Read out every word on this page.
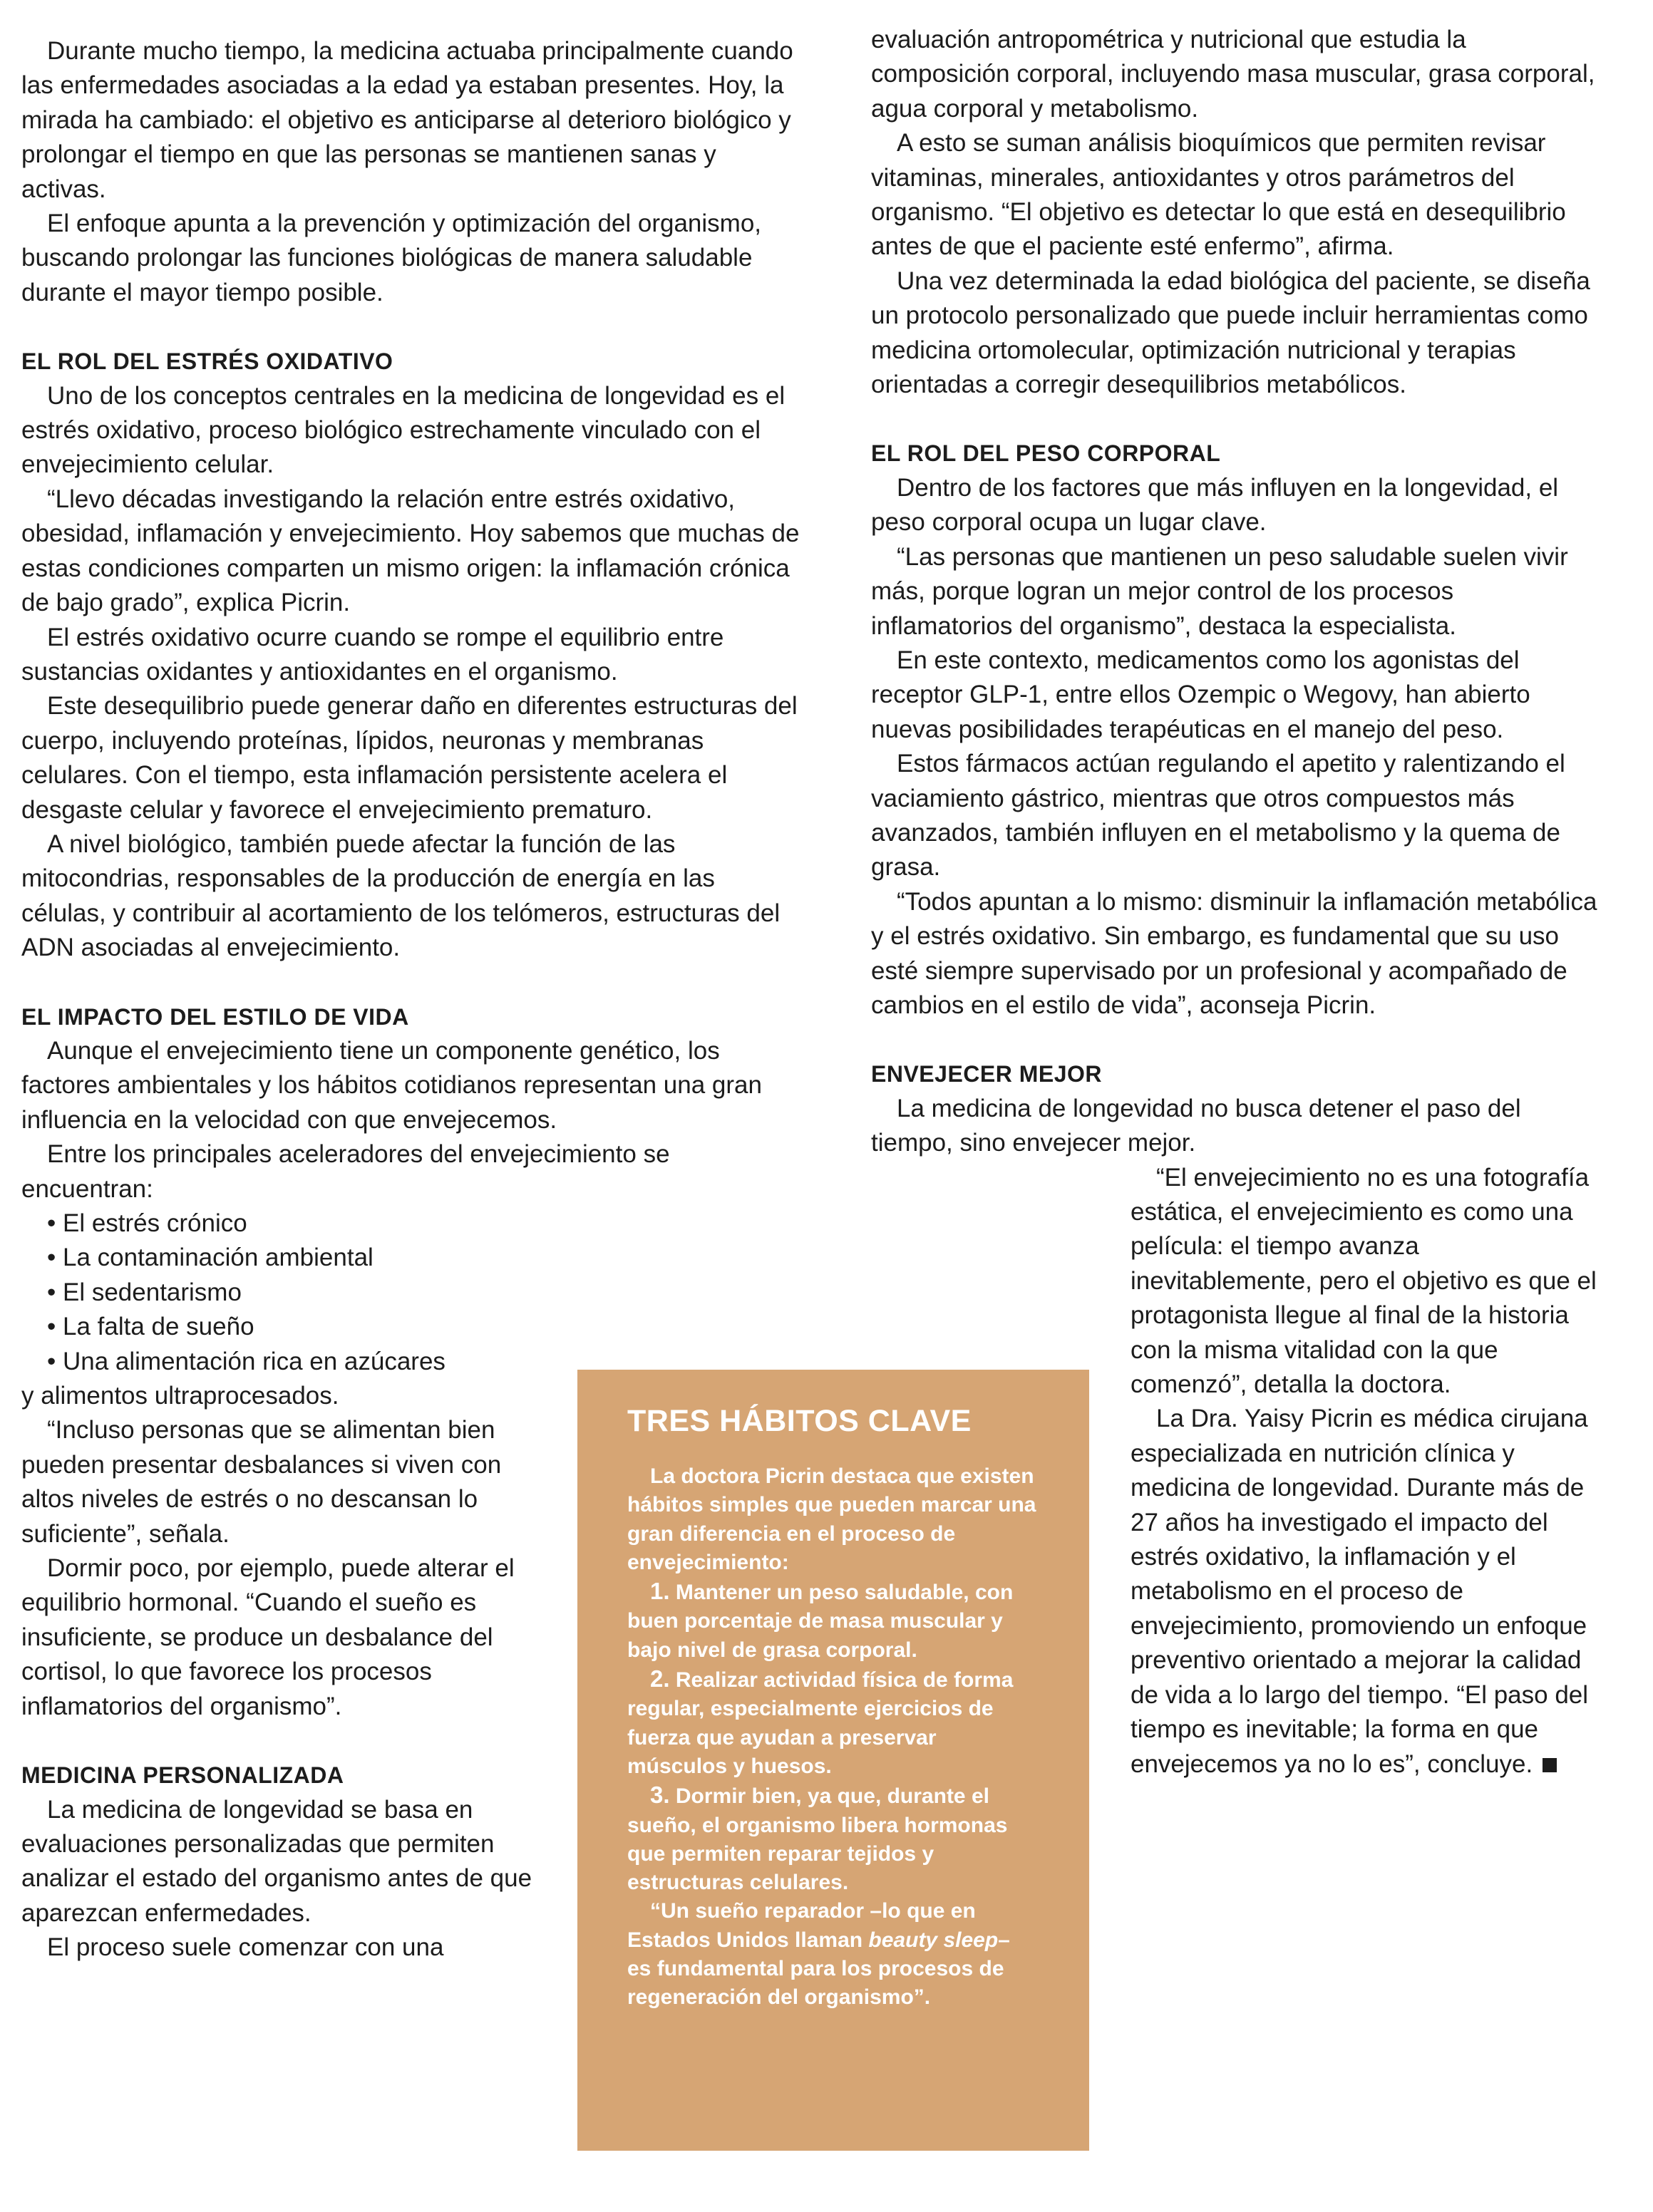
Durante mucho tiempo, la medicina actuaba principalmente cuando las enfermedades asociadas a la edad ya estaban presentes. Hoy, la mirada ha cambiado: el objetivo es anticiparse al deterioro biológico y prolongar el tiempo en que las personas se mantienen sanas y activas.

El enfoque apunta a la prevención y optimización del organismo, buscando prolongar las funciones biológicas de manera saludable durante el mayor tiempo posible.

EL ROL DEL ESTRÉS OXIDATIVO

Uno de los conceptos centrales en la medicina de longevidad es el estrés oxidativo, proceso biológico estrechamente vinculado con el envejecimiento celular.

“Llevo décadas investigando la relación entre estrés oxidativo, obesidad, inflamación y envejecimiento. Hoy sabemos que muchas de estas condiciones comparten un mismo origen: la inflamación crónica de bajo grado”, explica Picrin.

El estrés oxidativo ocurre cuando se rompe el equilibrio entre sustancias oxidantes y antioxidantes en el organismo.

Este desequilibrio puede generar daño en diferentes estructuras del cuerpo, incluyendo proteínas, lípidos, neuronas y membranas celulares. Con el tiempo, esta inflamación persistente acelera el desgaste celular y favorece el envejecimiento prematuro.

A nivel biológico, también puede afectar la función de las mitocondrias, responsables de la producción de energía en las células, y contribuir al acortamiento de los telómeros, estructuras del ADN asociadas al envejecimiento.

EL IMPACTO DEL ESTILO DE VIDA

Aunque el envejecimiento tiene un componente genético, los factores ambientales y los hábitos cotidianos representan una gran influencia en la velocidad con que envejecemos.

Entre los principales aceleradores del envejecimiento se encuentran:

• El estrés crónico
• La contaminación ambiental
• El sedentarismo
• La falta de sueño
• Una alimentación rica en azúcares
y alimentos ultraprocesados.

“Incluso personas que se alimentan bien pueden presentar desbalances si viven con altos niveles de estrés o no descansan lo suficiente”, señala.

Dormir poco, por ejemplo, puede alterar el equilibrio hormonal. “Cuando el sueño es insuficiente, se produce un desbalance del cortisol, lo que favorece los procesos inflamatorios del organismo”.

MEDICINA PERSONALIZADA

La medicina de longevidad se basa en evaluaciones personalizadas que permiten analizar el estado del organismo antes de que aparezcan enfermedades.

El proceso suele comenzar con una

evaluación antropométrica y nutricional que estudia la composición corporal, incluyendo masa muscular, grasa corporal, agua corporal y metabolismo.

A esto se suman análisis bioquímicos que permiten revisar vitaminas, minerales, antioxidantes y otros parámetros del organismo. “El objetivo es detectar lo que está en desequilibrio antes de que el paciente esté enfermo”, afirma.

Una vez determinada la edad biológica del paciente, se diseña un protocolo personalizado que puede incluir herramientas como medicina ortomolecular, optimización nutricional y terapias orientadas a corregir desequilibrios metabólicos.

EL ROL DEL PESO CORPORAL

Dentro de los factores que más influyen en la longevidad, el peso corporal ocupa un lugar clave.

“Las personas que mantienen un peso saludable suelen vivir más, porque logran un mejor control de los procesos inflamatorios del organismo”, destaca la especialista.

En este contexto, medicamentos como los agonistas del receptor GLP-1, entre ellos Ozempic o Wegovy, han abierto nuevas posibilidades terapéuticas en el manejo del peso.

Estos fármacos actúan regulando el apetito y ralentizando el vaciamiento gástrico, mientras que otros compuestos más avanzados, también influyen en el metabolismo y la quema de grasa.

“Todos apuntan a lo mismo: disminuir la inflamación metabólica y el estrés oxidativo. Sin embargo, es fundamental que su uso esté siempre supervisado por un profesional y acompañado de cambios en el estilo de vida”, aconseja Picrin.

ENVEJECER MEJOR

La medicina de longevidad no busca detener el paso del tiempo, sino envejecer mejor.

“El envejecimiento no es una fotografía estática, el envejecimiento es como una película: el tiempo avanza inevitablemente, pero el objetivo es que el protagonista llegue al final de la historia con la misma vitalidad con la que comenzó”, detalla la doctora.

La Dra. Yaisy Picrin es médica cirujana especializada en nutrición clínica y medicina de longevidad. Durante más de 27 años ha investigado el impacto del estrés oxidativo, la inflamación y el metabolismo en el proceso de envejecimiento, promoviendo un enfoque preventivo orientado a mejorar la calidad de vida a lo largo del tiempo. “El paso del tiempo es inevitable; la forma en que envejecemos ya no lo es”, concluye.

TRES HÁBITOS CLAVE

La doctora Picrin destaca que existen hábitos simples que pueden marcar una gran diferencia en el proceso de envejecimiento:

1. Mantener un peso saludable, con buen porcentaje de masa muscular y bajo nivel de grasa corporal.

2. Realizar actividad física de forma regular, especialmente ejercicios de fuerza que ayudan a preservar músculos y huesos.

3. Dormir bien, ya que, durante el sueño, el organismo libera hormonas que permiten reparar tejidos y estructuras celulares.

“Un sueño reparador –lo que en Estados Unidos llaman beauty sleep– es fundamental para los procesos de regeneración del organismo”.
